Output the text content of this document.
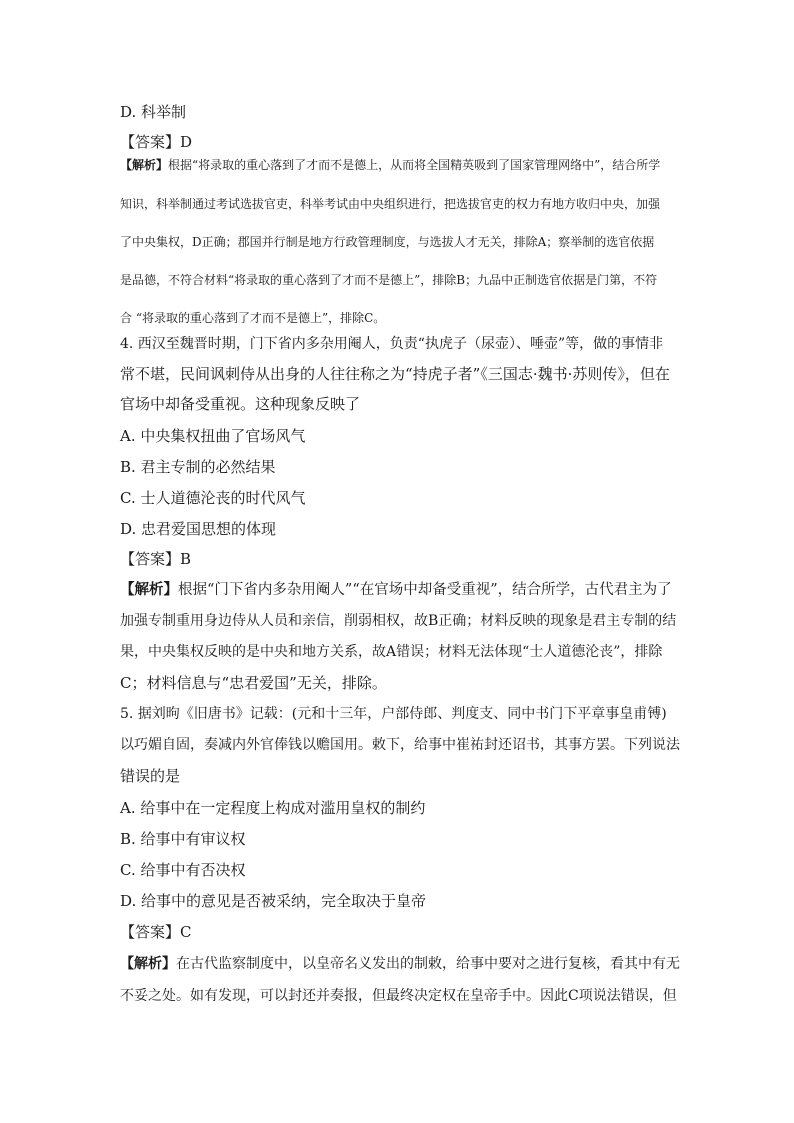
D. 科举制
【答案】D
【解析】根据“将录取的重心落到了才而不是德上，从而将全国精英吸到了国家管理网络中”，结合所学
知识，科举制通过考试选拔官吏，科举考试由中央组织进行，把选拔官吏的权力有地方收归中央，加强
了中央集权，D正确；郡国并行制是地方行政管理制度，与选拔人才无关，排除A；察举制的选官依据
是品德，不符合材料“将录取的重心落到了才而不是德上”，排除B；九品中正制选官依据是门第，不符
合 “将录取的重心落到了才而不是德上”，排除C。
4. 西汉至魏晋时期，门下省内多杂用阉人，负责“执虎子（尿壶）、唾壶”等，做的事情非
常不堪，民间讽刺侍从出身的人往往称之为“持虎子者”《三国志·魏书·苏则传》，但在
官场中却备受重视。这种现象反映了
A. 中央集权扭曲了官场风气
B. 君主专制的必然结果
C. 士人道德沦丧的时代风气
D. 忠君爱国思想的体现
【答案】B
【解析】根据“门下省内多杂用阉人”“在官场中却备受重视”，结合所学，古代君主为了
加强专制重用身边侍从人员和亲信，削弱相权，故B正确；材料反映的现象是君主专制的结
果，中央集权反映的是中央和地方关系，故A错误；材料无法体现“士人道德沦丧”，排除
C；材料信息与“忠君爱国”无关，排除。
5. 据刘昫《旧唐书》记载：(元和十三年，户部侍郎、判度支、同中书门下平章事皇甫镈)
以巧媚自固，奏减内外官俸钱以赡国用。敕下，给事中崔祐封还诏书，其事方罢。下列说法
错误的是
A. 给事中在一定程度上构成对滥用皇权的制约
B. 给事中有审议权
C. 给事中有否决权
D. 给事中的意见是否被采纳，完全取决于皇帝
【答案】C
【解析】在古代监察制度中，以皇帝名义发出的制敕，给事中要对之进行复核，看其中有无
不妥之处。如有发现，可以封还并奏报，但最终决定权在皇帝手中。因此C项说法错误，但
